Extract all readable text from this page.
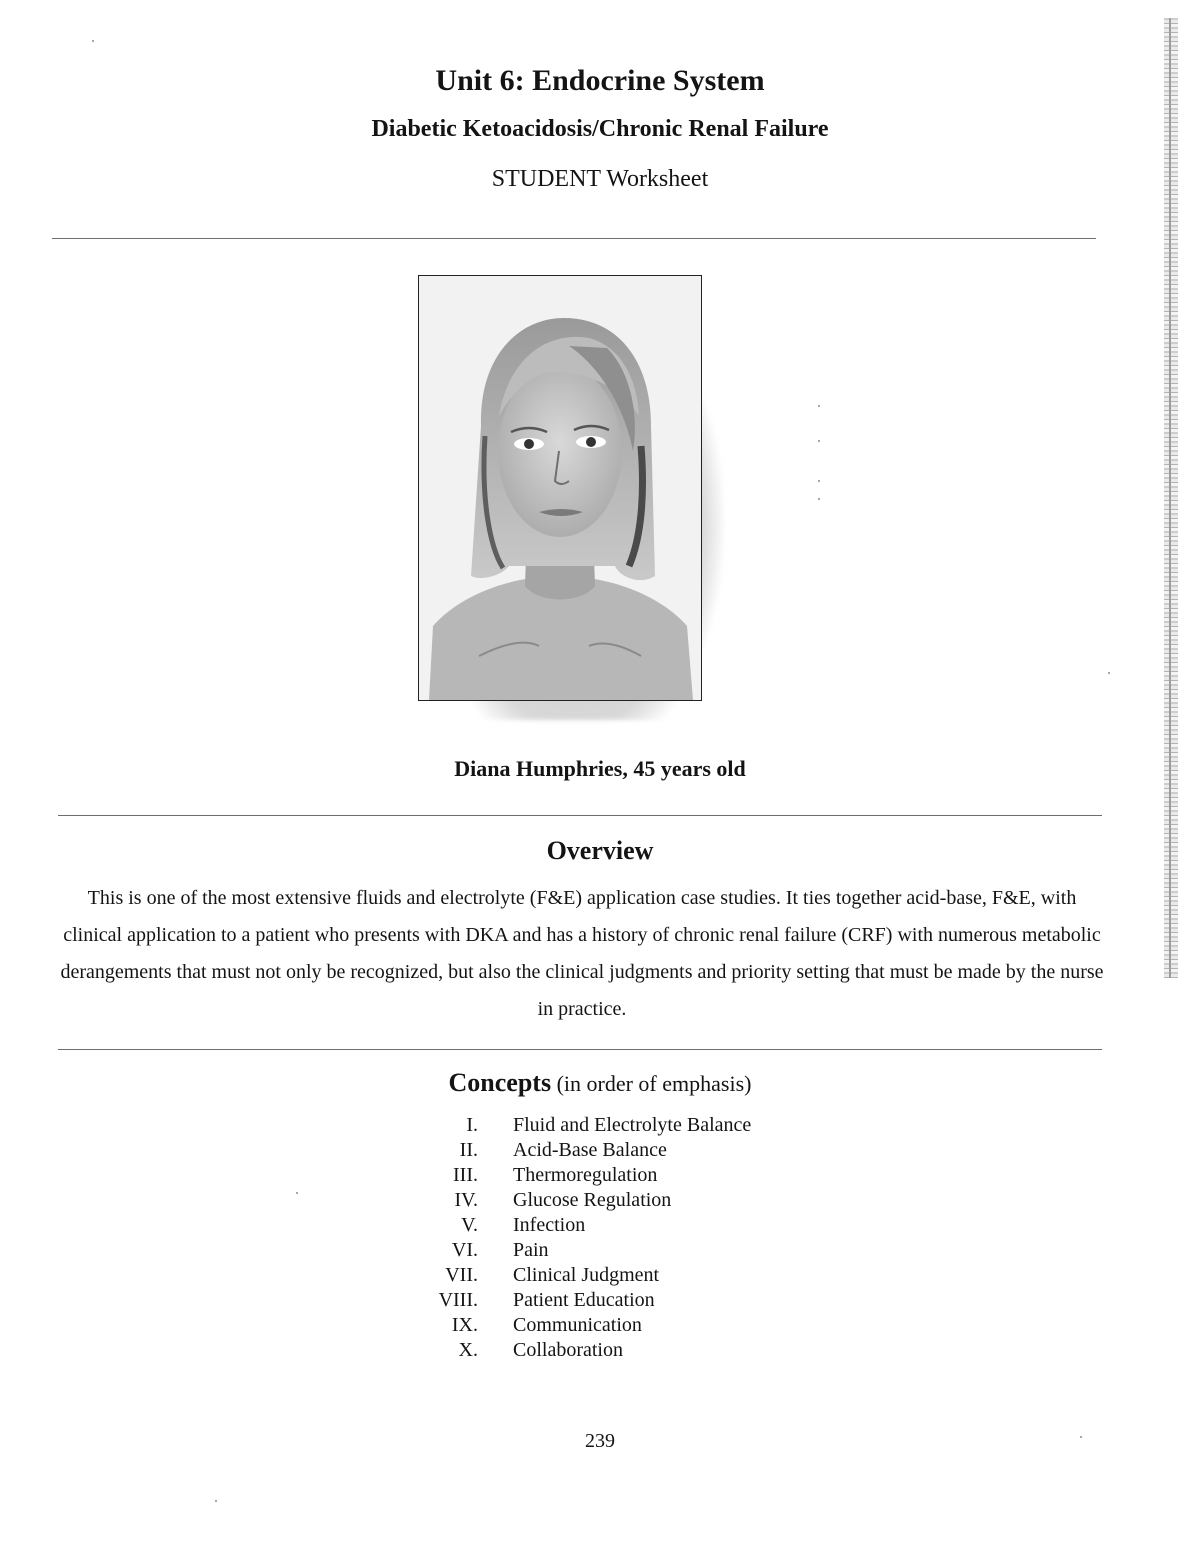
Unit 6: Endocrine System
Diabetic Ketoacidosis/Chronic Renal Failure
STUDENT Worksheet
Diana Humphries, 45 years old
Overview
This is one of the most extensive fluids and electrolyte (F&E) application case studies. It ties together acid-base, F&E, with clinical application to a patient who presents with DKA and has a history of chronic renal failure (CRF) with numerous metabolic derangements that must not only be recognized, but also the clinical judgments and priority setting that must be made by the nurse in practice.
Concepts (in order of emphasis)
I. Fluid and Electrolyte Balance
II. Acid-Base Balance
III. Thermoregulation
IV. Glucose Regulation
V. Infection
VI. Pain
VII. Clinical Judgment
VIII. Patient Education
IX. Communication
X. Collaboration
239
